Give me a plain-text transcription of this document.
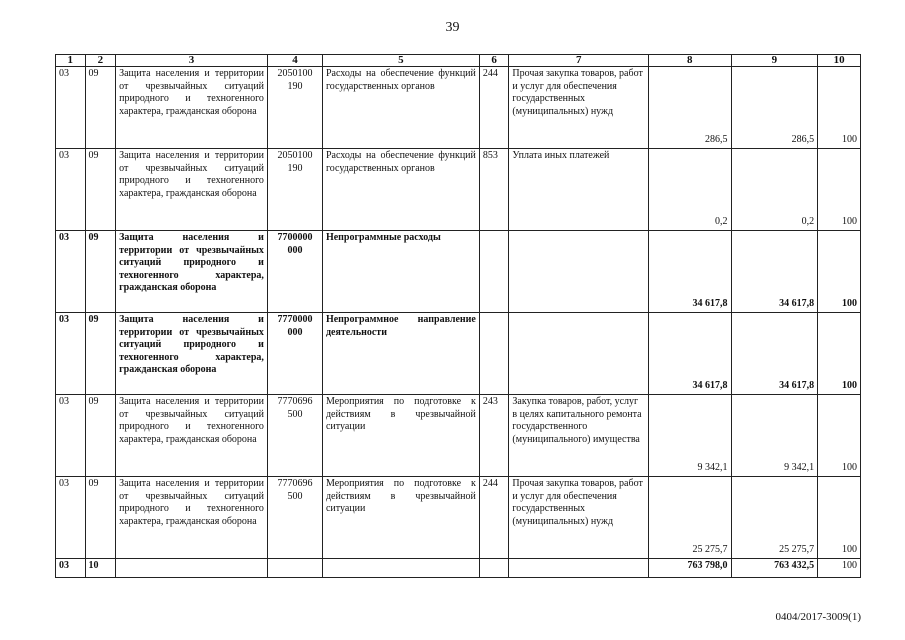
39
1	2	3	4	5	6	7	8	9	10
03	09	Защита населения и территории от чрезвычайных ситуаций природного и техногенного характера, гражданская оборона	2050100 190	Расходы на обеспечение функций государственных органов	244	Прочая закупка товаров, работ и услуг для обеспечения государственных (муниципальных) нужд	286,5	286,5	100
03	09	Защита населения и территории от чрезвычайных ситуаций природного и техногенного характера, гражданская оборона	2050100 190	Расходы на обеспечение функций государственных органов	853	Уплата иных платежей	0,2	0,2	100
03	09	Защита населения и территории от чрезвычайных ситуаций природного и техногенного характера, гражданская оборона	7700000 000	Непрограммные расходы			34 617,8	34 617,8	100
03	09	Защита населения и территории от чрезвычайных ситуаций природного и техногенного характера, гражданская оборона	7770000 000	Непрограммное направление деятельности			34 617,8	34 617,8	100
03	09	Защита населения и территории от чрезвычайных ситуаций природного и техногенного характера, гражданская оборона	7770696 500	Мероприятия по подготовке к действиям в чрезвычайной ситуации	243	Закупка товаров, работ, услуг в целях капитального ремонта государственного (муниципального) имущества	9 342,1	9 342,1	100
03	09	Защита населения и территории от чрезвычайных ситуаций природного и техногенного характера, гражданская оборона	7770696 500	Мероприятия по подготовке к действиям в чрезвычайной ситуации	244	Прочая закупка товаров, работ и услуг для обеспечения государственных (муниципальных) нужд	25 275,7	25 275,7	100
03	10						763 798,0	763 432,5	100
0404/2017-3009(1)
